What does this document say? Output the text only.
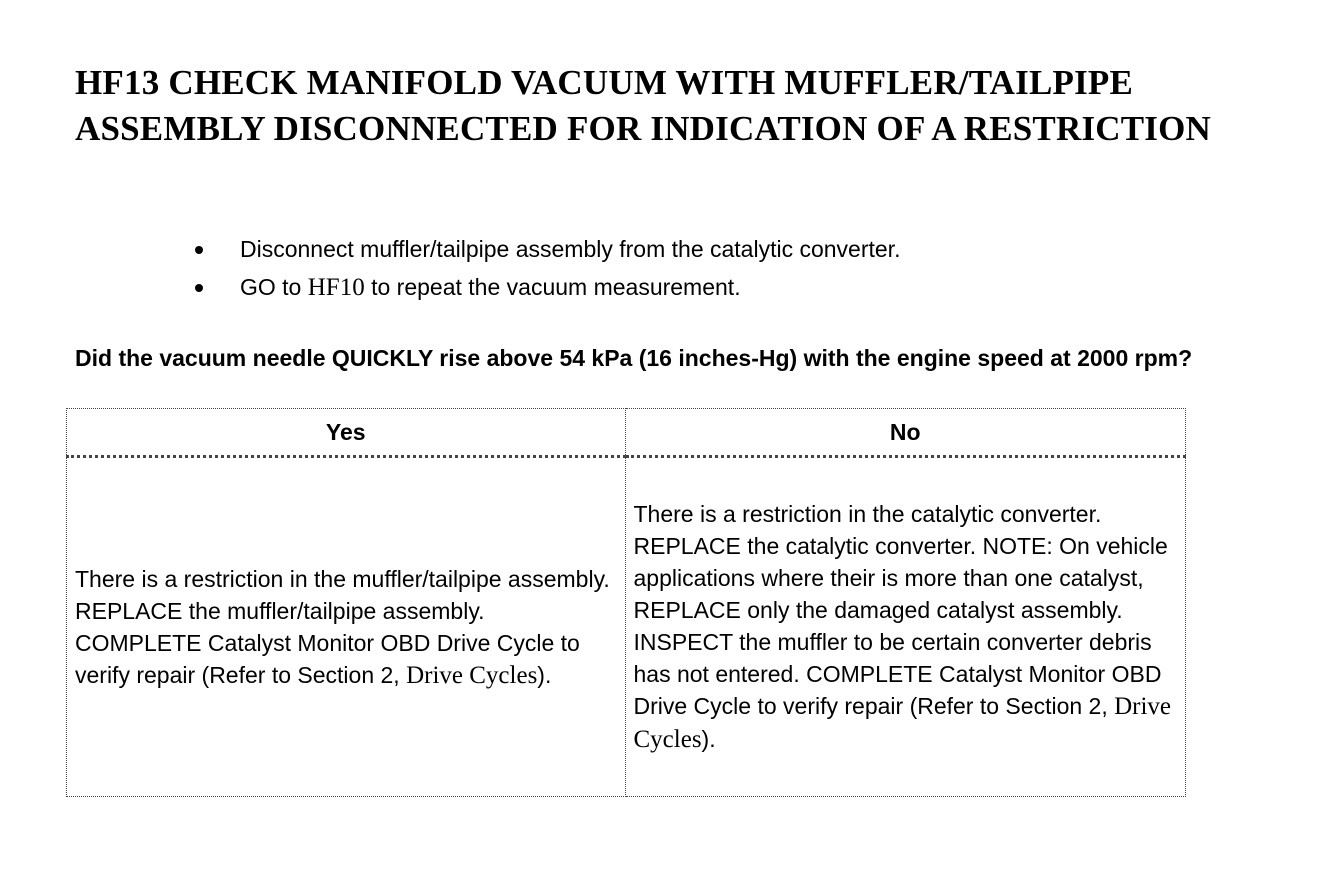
HF13 CHECK MANIFOLD VACUUM WITH MUFFLER/TAILPIPE ASSEMBLY DISCONNECTED FOR INDICATION OF A RESTRICTION
Disconnect muffler/tailpipe assembly from the catalytic converter.
GO to HF10 to repeat the vacuum measurement.

Did the vacuum needle QUICKLY rise above 54 kPa (16 inches-Hg) with the engine speed at 2000 rpm?

Yes	No
There is a restriction in the muffler/tailpipe assembly. REPLACE the muffler/tailpipe assembly. COMPLETE Catalyst Monitor OBD Drive Cycle to verify repair (Refer to Section 2, Drive Cycles).	There is a restriction in the catalytic converter. REPLACE the catalytic converter. NOTE: On vehicle applications where their is more than one catalyst, REPLACE only the damaged catalyst assembly. INSPECT the muffler to be certain converter debris has not entered. COMPLETE Catalyst Monitor OBD Drive Cycle to verify repair (Refer to Section 2, Drive Cycles).
